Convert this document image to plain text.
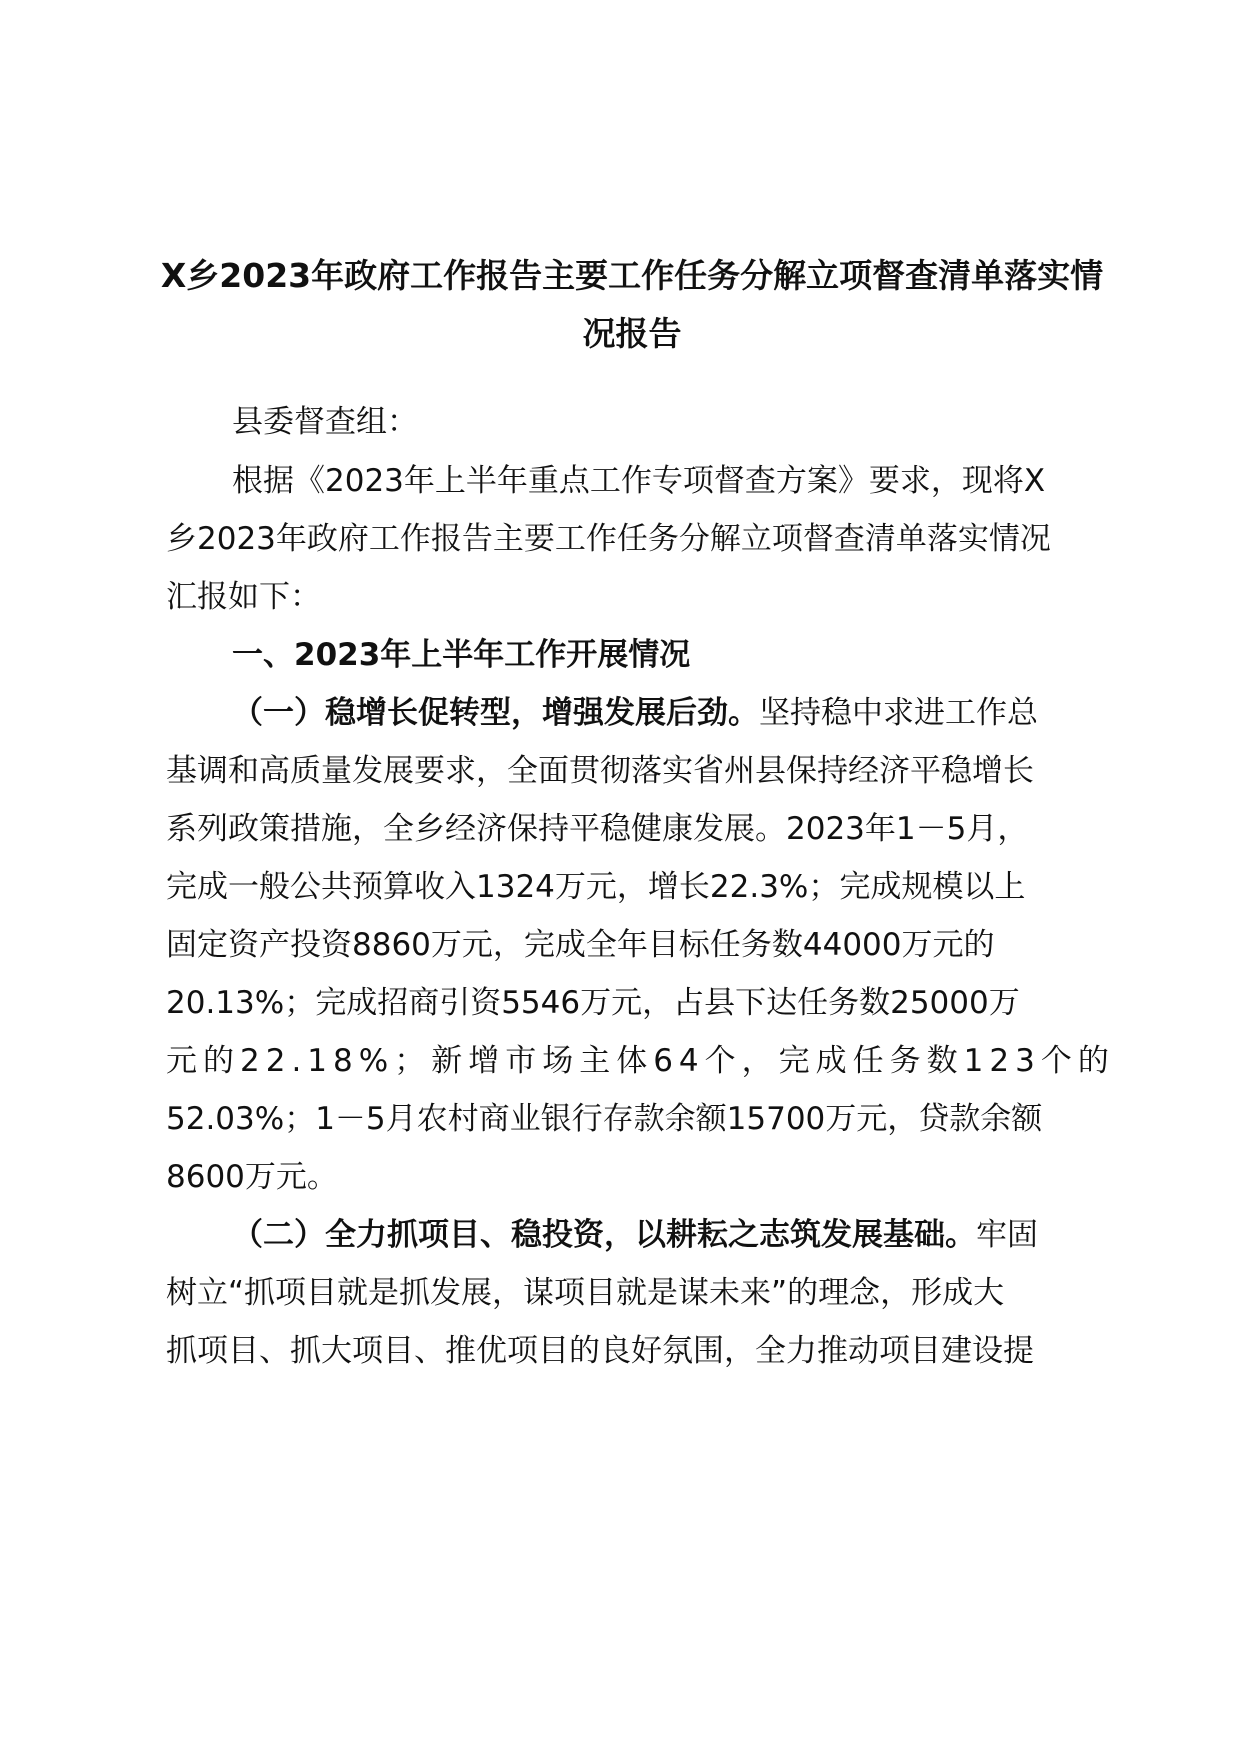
X乡2023年政府工作报告主要工作任务分解立项督查清单落实情
况报告

县委督查组：

根据《2023年上半年重点工作专项督查方案》要求，现将X

乡2023年政府工作报告主要工作任务分解立项督查清单落实情况

汇报如下：

一、2023年上半年工作开展情况

（一）稳增长促转型，增强发展后劲。坚持稳中求进工作总

基调和高质量发展要求，全面贯彻落实省州县保持经济平稳增长

系列政策措施，全乡经济保持平稳健康发展。2023年1－5月，

完成一般公共预算收入1324万元，增长22.3%；完成规模以上

固定资产投资8860万元，完成全年目标任务数44000万元的

20.13%；完成招商引资5546万元，占县下达任务数25000万

元的22.18%；新增市场主体64个，完成任务数123个的

52.03%；1－5月农村商业银行存款余额15700万元，贷款余额

8600万元。

（二）全力抓项目、稳投资，以耕耘之志筑发展基础。牢固

树立“抓项目就是抓发展，谋项目就是谋未来”的理念，形成大

抓项目、抓大项目、推优项目的良好氛围，全力推动项目建设提
